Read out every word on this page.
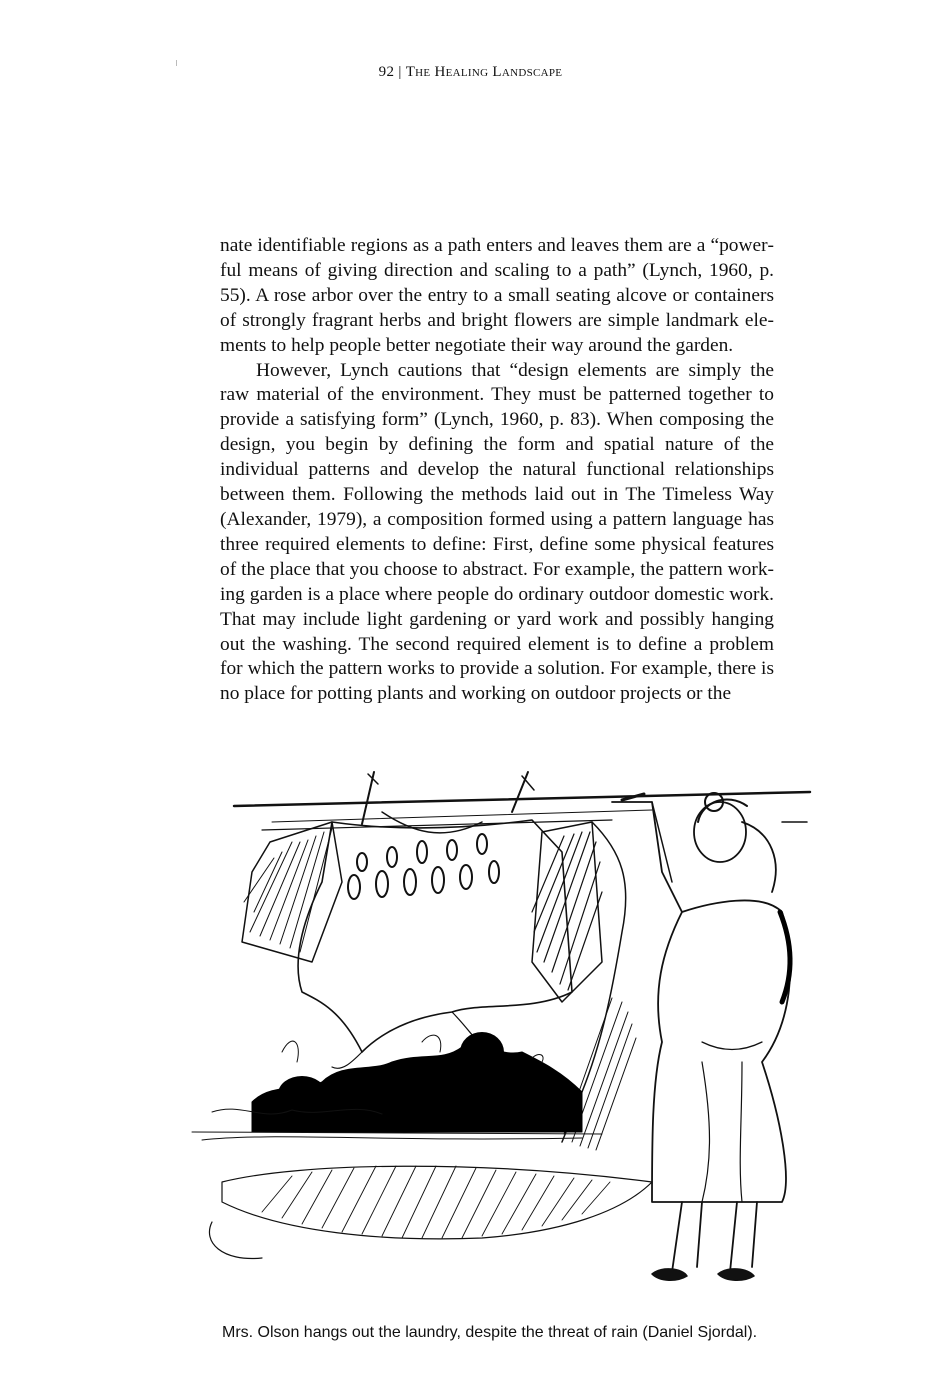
92 | The Healing Landscape

nate identifiable regions as a path enters and leaves them are a “powerful means of giving direction and scaling to a path” (Lynch, 1960, p. 55). A rose arbor over the entry to a small seating alcove or containers of strongly fragrant herbs and bright flowers are simple landmark elements to help people better negotiate their way around the garden.

However, Lynch cautions that “design elements are simply the raw material of the environment. They must be patterned together to provide a satisfying form” (Lynch, 1960, p. 83). When composing the design, you begin by defining the form and spatial nature of the individual patterns and develop the natural functional relationships between them. Following the methods laid out in The Timeless Way (Alexander, 1979), a composition formed using a pattern language has three required elements to define: First, define some physical features of the place that you choose to abstract. For example, the pattern working garden is a place where people do ordinary outdoor domestic work. That may include light gardening or yard work and possibly hanging out the washing. The second required element is to define a problem for which the pattern works to provide a solution. For example, there is no place for potting plants and working on outdoor projects or the

Mrs. Olson hangs out the laundry, despite the threat of rain (Daniel Sjordal).
